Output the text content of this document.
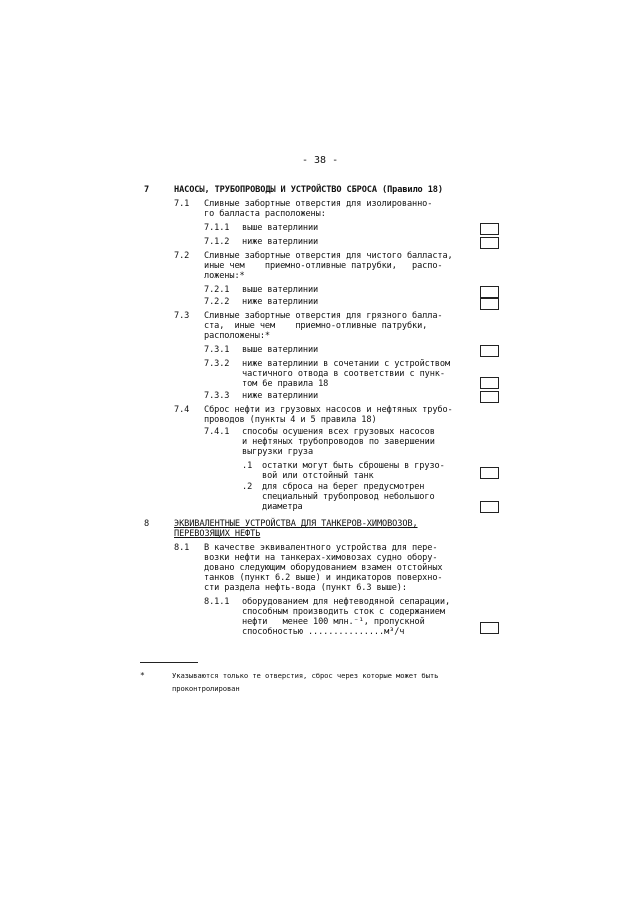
- 38 -
7	НАСОСЫ, ТРУБОПРОВОДЫ И УСТРОЙСТВО СБРОСА (Правило 18)
7.1 Сливные забортные отверстия для изолированно-
го балласта расположены:
7.1.1 выше ватерлинии
7.1.2 ниже ватерлинии
7.2 Сливные забортные отверстия для чистого балласта,
иные чем    приемно-отливные патрубки,   распо-
ложены:*
7.2.1 выше ватерлинии
7.2.2 ниже ватерлинии
7.3 Сливные забортные отверстия для грязного балла-
ста,  иные чем    приемно-отливные патрубки,
расположены:*
7.3.1 выше ватерлинии
7.3.2 ниже ватерлинии в сочетании с устройством
частичного отвода в соответствии с пунк-
том 6е правила 18
7.3.3 ниже ватерлинии
7.4 Сброс нефти из грузовых насосов и нефтяных трубо-
проводов (пункты 4 и 5 правила 18)
7.4.1 способы осушения всех грузовых насосов
и нефтяных трубопроводов по завершении
выгрузки груза
.1 остатки могут быть сброшены в грузо-
вой или отстойный танк
.2 для сброса на берег предусмотрен
специальный трубопровод небольшого
диаметра
8	ЭКВИВАЛЕНТНЫЕ УСТРОЙСТВА ДЛЯ ТАНКЕРОВ-ХИМОВОЗОВ,
ПЕРЕВОЗЯЩИХ НЕФТЬ
8.1 В качестве эквивалентного устройства для пере-
возки нефти на танкерах-химовозах судно обору-
довано следующим оборудованием взамен отстойных
танков (пункт 6.2 выше) и индикаторов поверхно-
сти раздела нефть-вода (пункт 6.3 выше):
8.1.1 оборудованием для нефтеводяной сепарации,
способным производить сток с содержанием
нефти   менее 100 млн.⁻¹, пропускной
способностью ...............м³/ч
*	Указываются только те отверстия, сброс через которые может быть
проконтролирован
